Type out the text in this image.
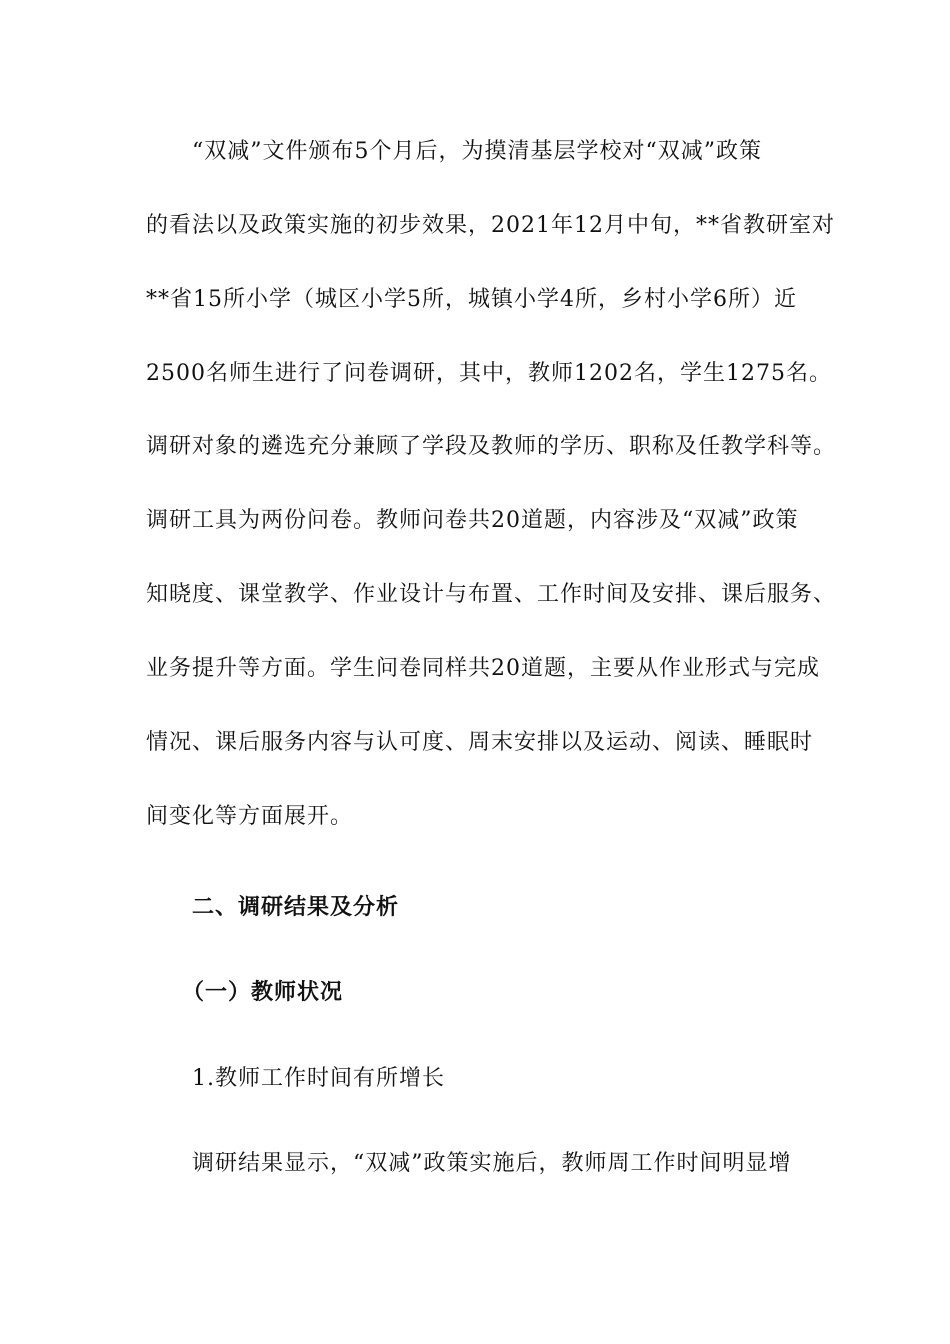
“双减”文件颁布5个月后，为摸清基层学校对“双减”政策
的看法以及政策实施的初步效果，2021年12月中旬，**省教研室对
**省15所小学（城区小学5所，城镇小学4所，乡村小学6所）近
2500名师生进行了问卷调研，其中，教师1202名，学生1275名。
调研对象的遴选充分兼顾了学段及教师的学历、职称及任教学科等。
调研工具为两份问卷。教师问卷共20道题，内容涉及“双减”政策
知晓度、课堂教学、作业设计与布置、工作时间及安排、课后服务、
业务提升等方面。学生问卷同样共20道题，主要从作业形式与完成
情况、课后服务内容与认可度、周末安排以及运动、阅读、睡眠时
间变化等方面展开。
二、调研结果及分析
（一）教师状况
1.教师工作时间有所增长
调研结果显示，“双减”政策实施后，教师周工作时间明显增
